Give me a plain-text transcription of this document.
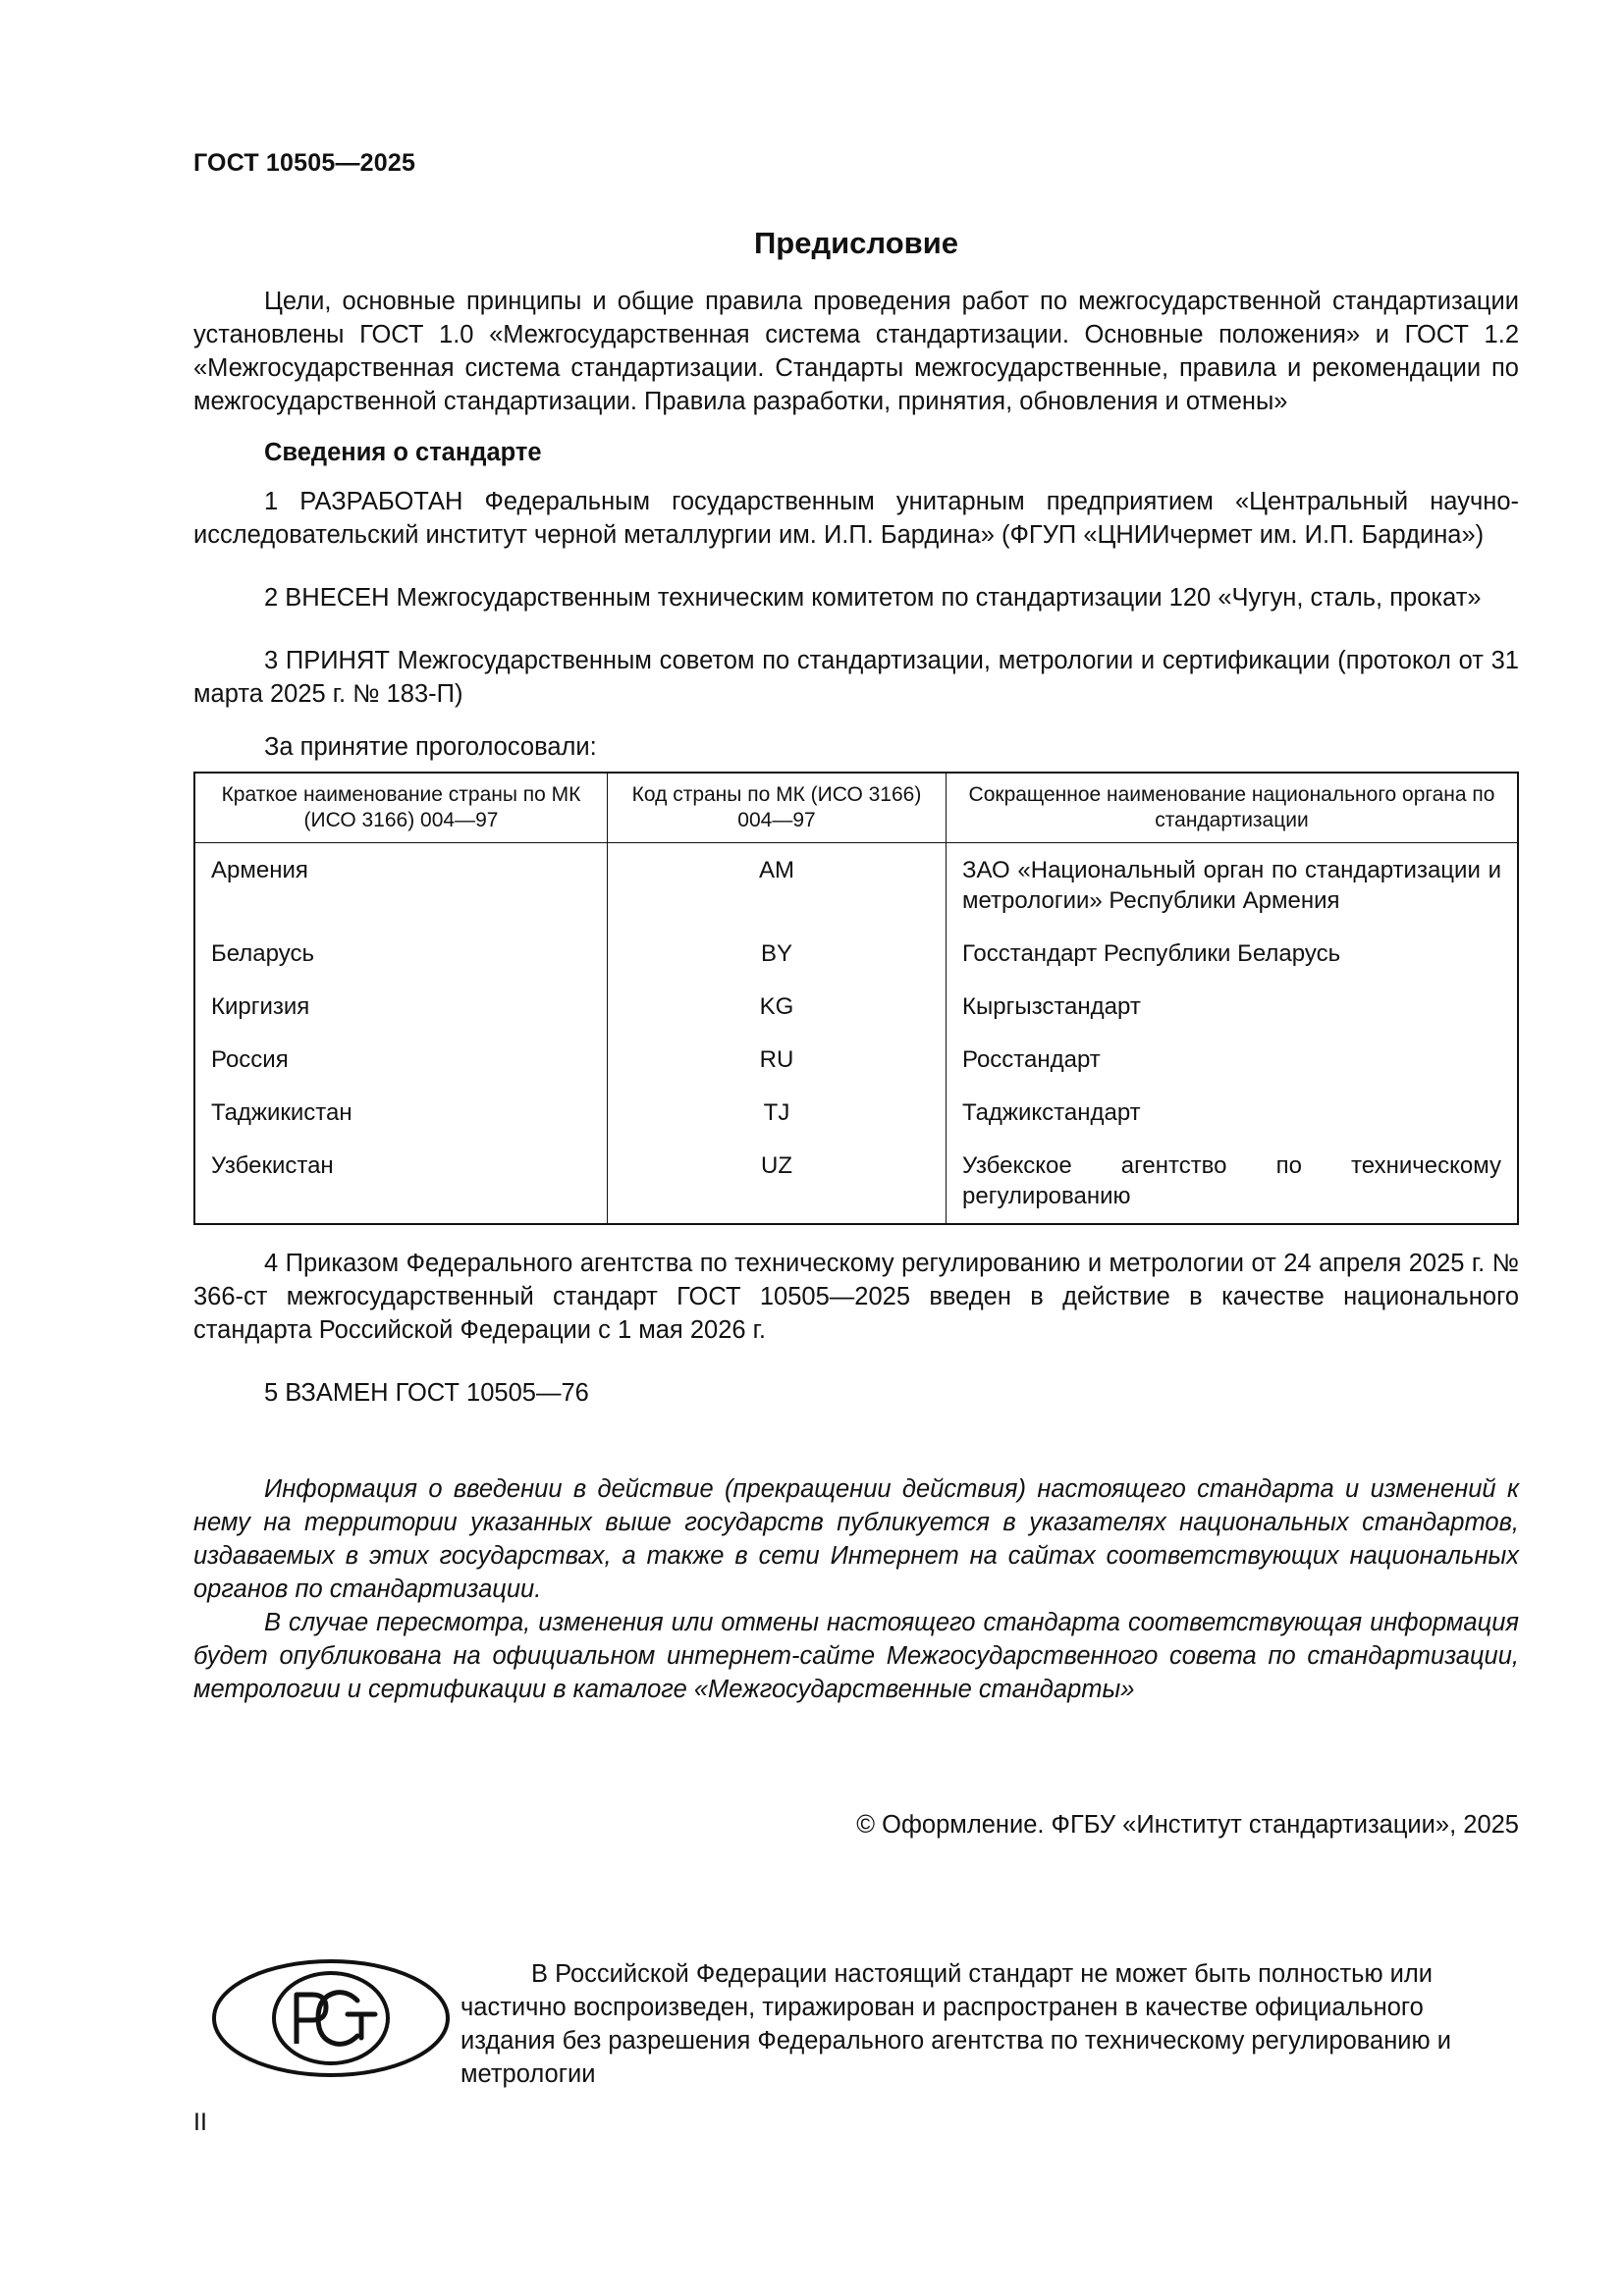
ГОСТ 10505—2025
Предисловие

Цели, основные принципы и общие правила проведения работ по межгосударственной стандартизации установлены ГОСТ 1.0 «Межгосударственная система стандартизации. Основные положения» и ГОСТ 1.2 «Межгосударственная система стандартизации. Стандарты межгосударственные, правила и рекомендации по межгосударственной стандартизации. Правила разработки, принятия, обновления и отмены»

Сведения о стандарте

1 РАЗРАБОТАН Федеральным государственным унитарным предприятием «Центральный научно-исследовательский институт черной металлургии им. И.П. Бардина» (ФГУП «ЦНИИчермет им. И.П. Бардина»)

2 ВНЕСЕН Межгосударственным техническим комитетом по стандартизации 120 «Чугун, сталь, прокат»

3 ПРИНЯТ Межгосударственным советом по стандартизации, метрологии и сертификации (протокол от 31 марта 2025 г. № 183-П)

За принятие проголосовали:

Краткое наименование страны по МК (ИСО 3166) 004—97	Код страны по МК (ИСО 3166) 004—97	Сокращенное наименование национального органа по стандартизации
Армения	AM	ЗАО «Национальный орган по стандартизации и метрологии» Республики Армения
Беларусь	BY	Госстандарт Республики Беларусь
Киргизия	KG	Кыргызстандарт
Россия	RU	Росстандарт
Таджикистан	TJ	Таджикстандарт
Узбекистан	UZ	Узбекское агентство по техническому регулированию

4 Приказом Федерального агентства по техническому регулированию и метрологии от 24 апреля 2025 г. № 366-ст межгосударственный стандарт ГОСТ 10505—2025 введен в действие в качестве национального стандарта Российской Федерации с 1 мая 2026 г.

5 ВЗАМЕН ГОСТ 10505—76

Информация о введении в действие (прекращении действия) настоящего стандарта и изменений к нему на территории указанных выше государств публикуется в указателях национальных стандартов, издаваемых в этих государствах, а также в сети Интернет на сайтах соответствующих национальных органов по стандартизации.

В случае пересмотра, изменения или отмены настоящего стандарта соответствующая информация будет опубликована на официальном интернет-сайте Межгосударственного совета по стандартизации, метрологии и сертификации в каталоге «Межгосударственные стандарты»

© Оформление. ФГБУ «Институт стандартизации», 2025

В Российской Федерации настоящий стандарт не может быть полностью или частично воспроизведен, тиражирован и распространен в качестве официального издания без разрешения Федерального агентства по техническому регулированию и метрологии

II
